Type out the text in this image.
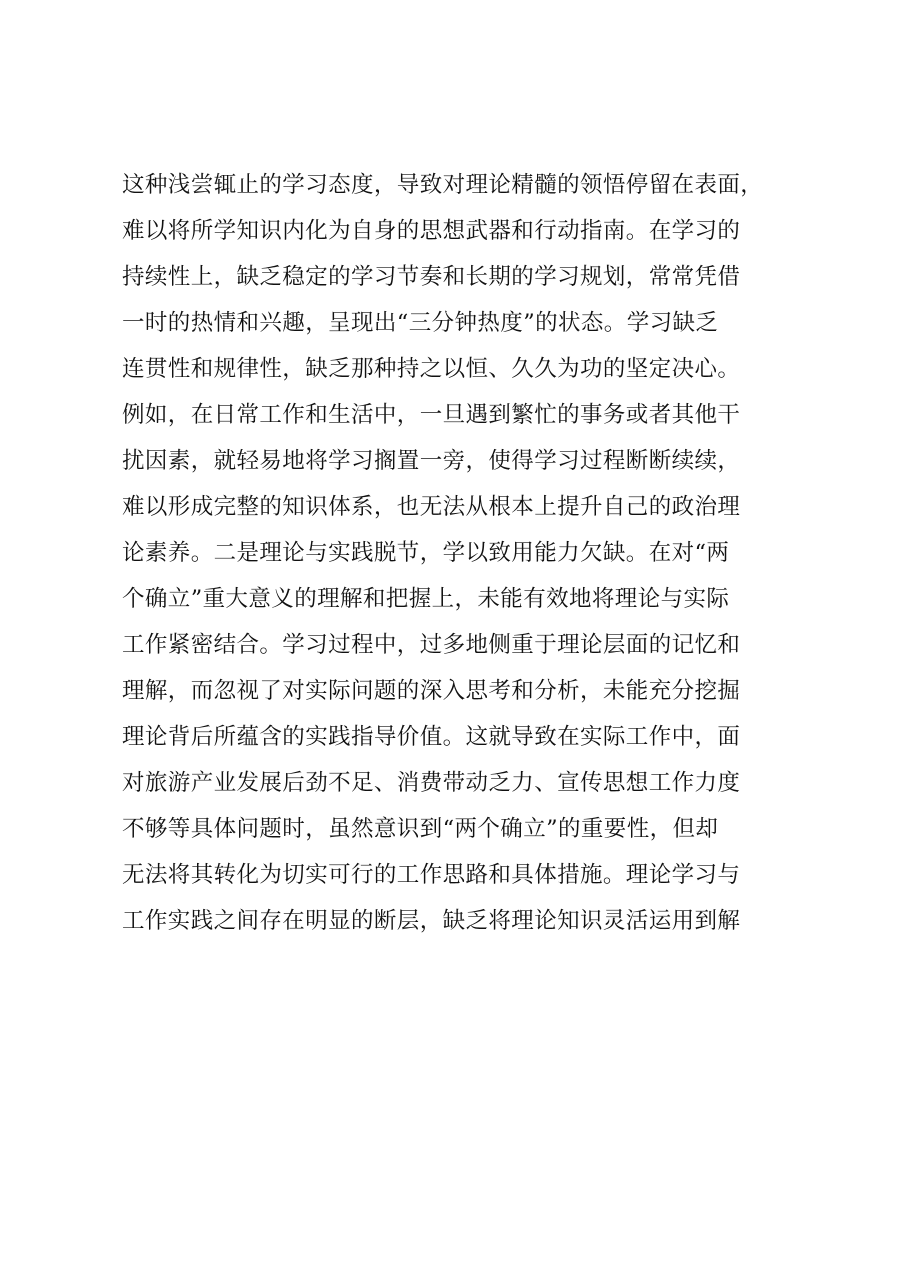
这种浅尝辄止的学习态度，导致对理论精髓的领悟停留在表面，
难以将所学知识内化为自身的思想武器和行动指南。在学习的
持续性上，缺乏稳定的学习节奏和长期的学习规划，常常凭借
一时的热情和兴趣，呈现出“三分钟热度”的状态。学习缺乏
连贯性和规律性，缺乏那种持之以恒、久久为功的坚定决心。
例如，在日常工作和生活中，一旦遇到繁忙的事务或者其他干
扰因素，就轻易地将学习搁置一旁，使得学习过程断断续续，
难以形成完整的知识体系，也无法从根本上提升自己的政治理
论素养。二是理论与实践脱节，学以致用能力欠缺。在对“两
个确立”重大意义的理解和把握上，未能有效地将理论与实际
工作紧密结合。学习过程中，过多地侧重于理论层面的记忆和
理解，而忽视了对实际问题的深入思考和分析，未能充分挖掘
理论背后所蕴含的实践指导价值。这就导致在实际工作中，面
对旅游产业发展后劲不足、消费带动乏力、宣传思想工作力度
不够等具体问题时，虽然意识到“两个确立”的重要性，但却
无法将其转化为切实可行的工作思路和具体措施。理论学习与
工作实践之间存在明显的断层，缺乏将理论知识灵活运用到解
